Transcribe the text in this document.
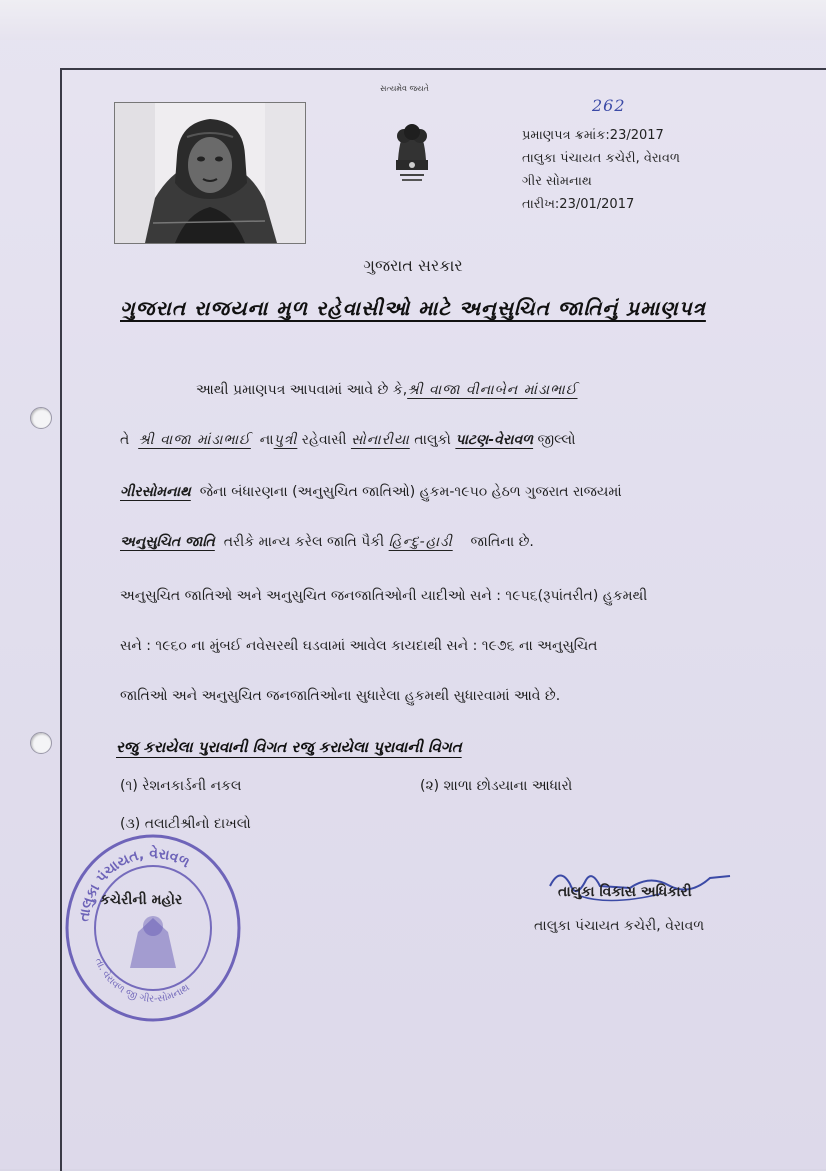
સત્યમેવ જયતે
262
પ્રમાણપત્ર ક્રમાંક:23/2017
તાલુકા પંચાયત કચેરી, વેરાવળ
ગીર સોમનાથ
તારીખ:23/01/2017
ગુજરાત સરકાર
ગુજરાત રાજયના મુળ રહેવાસીઓ માટે અનુસુચિત જાતિનું પ્રમાણપત્ર
આથી પ્રમાણપત્ર આપવામાં આવે છે કે,શ્રી વાજા વીનાબેન માંડાભાઈ
તે શ્રી વાજા માંડાભાઈ નાપુત્રી રહેવાસી સોનારીયા તાલુકો પાટણ-વેરાવળ જીલ્લો
ગીરસોમનાથ જેના બંધારણના (અનુસુચિત જાતિઓ) હુકમ-૧૯૫૦ હેઠળ ગુજરાત રાજયમાં
અનુસુચિત જાતિ તરીકે માન્ય કરેલ જાતિ પૈકી હિન્દુ-હાડી જાતિના છે.
અનુસુચિત જાતિઓ અને અનુસુચિત જનજાતિઓની યાદીઓ સને : ૧૯૫૬(રૂપાંતરીત) હુકમથી
સને : ૧૯૬૦ ના મુંબઈ નવેસરથી ઘડવામાં આવેલ કાયદાથી સને : ૧૯૭૬ ના અનુસુચિત
જાતિઓ અને અનુસુચિત જનજાતિઓના સુધારેલા હુકમથી સુધારવામાં આવે છે.
રજુ કરાયેલા પુરાવાની વિગત રજુ કરાયેલા પુરાવાની વિગત
(૧) રેશનકાર્ડની નકલ	(૨) શાળા છોડયાના આધારો
(૩) તલાટીશ્રીનો દાખલો
તાલુકા પંચાયત, વેરાવળ
તા. વેરાવળ જી ગીર-સોમનાથ
કચેરીની મહોર	તાલુકા વિકાસ અધિકારી
તાલુકા પંચાયત કચેરી, વેરાવળ
